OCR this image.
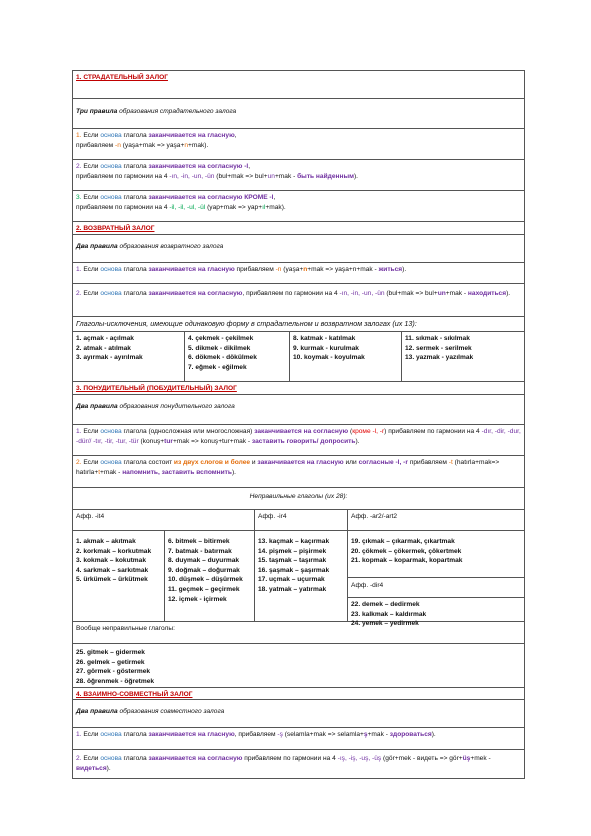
1. СТРАДАТЕЛЬНЫЙ ЗАЛОГ
Три правила образования страдательного залога
1. Если основа глагола заканчивается на гласную,
прибавляем -n (yaşa+mak => yaşa+n+mak).
2. Если основа глагола заканчивается на согласную -l,
прибавляем по гармонии на 4 -ın, -in, -un, -ün (bul+mak => bul+un+mak - быть найденным).
3. Если основа глагола заканчивается на согласную КРОМЕ -l,
прибавляем по гармонии на 4 -il, -il, -ul, -ül (yap+mak => yap+ıl+mak).
2. ВОЗВРАТНЫЙ ЗАЛОГ
Два правила образования возвратного залога
1. Если основа глагола заканчивается на гласную прибавляем -n (yaşa+n+mak => yaşa+n+mak - житься).
2. Если основа глагола заканчивается на согласную, прибавляем по гармонии на 4 -ın, -in, -un, -ün (bul+mak => bul+un+mak - находиться).
Глаголы-исключения, имеющие одинаковую форму в страдательном и возвратном залогах (их 13):
1. açmak - açılmak
2. atmak - atılmak
3. ayırmak - ayırılmak
4. çekmek - çekilmek
5. dikmek - dikilmek
6. dökmek - dökülmek
7. eğmek - eğilmek
8. katmak - katılmak
9. kurmak - kurulmak
10. koymak - koyulmak
11. sıkmak - sıkılmak
12. sermek - serilmek
13. yazmak - yazılmak
3. ПОНУДИТЕЛЬНЫЙ (ПОБУДИТЕЛЬНЫЙ) ЗАЛОГ
Два правила образования понудительного залога
1. Если основа глагола (односложная или многосложная) заканчивается на согласную (кроме -l, -r) прибавляем по гармонии на 4 -dır, -dir, -dur, -dür// -tır, -tir, -tur, -tür (konuş+tur+mak => konuş+tur+mak - заставить говорить/ допросить).
2. Если основа глагола состоит из двух слогов и более и заканчивается на гласную или согласные -l, -r прибавляем -t (hatırla+mak=> hatırla+t+mak - напомнить, заставить вспомнить).
Неправильные глаголы (их 28):
Афф. -it4	Афф. -ir4	Афф. -ar2/-art2
1. akmak – akıtmak
2. korkmak – korkutmak
3. kokmak – kokutmak
4. sarkmak – sarkıtmak
5. ürkümek – ürkütmek
6. bitmek – bitirmek
7. batmak - batırmak
8. duymak – duyurmak
9. doğmak – doğurmak
10. düşmek – düşürmek
11. geçmek – geçirmek
12. içmek - içirmek
13. kaçmak – kaçırmak
14. pişmek – pişirmek
15. taşmak – taşırmak
16. şaşmak – şaşırmak
17. uçmak – uçurmak
18. yatmak – yatırmak
19. çıkmak – çıkarmak, çıkartmak
20. çökmek – çökermek, çökertmek
21. kopmak – koparmak, kopartmak
Афф. -dir4
22. demek – dedirmek
23. kalkmak – kaldırmak
24. yemek – yedirmek
Вообще неправильные глаголы:
25. gitmek – gidermek
26. gelmek – getirmek
27. görmek - göstermek
28. öğrenmek - öğretmek
4. ВЗАИМНО-СОВМЕСТНЫЙ ЗАЛОГ
Два правила образования совместного залога
1. Если основа глагола заканчивается на гласную, прибавляем -ş (selamla+mak => selamla+ş+mak - здороваться).
2. Если основа глагола заканчивается на согласную прибавляем по гармонии на 4 -ış, -iş, -uş, -üş (gör+mek - видеть => gör+üş+mek - видеться).
